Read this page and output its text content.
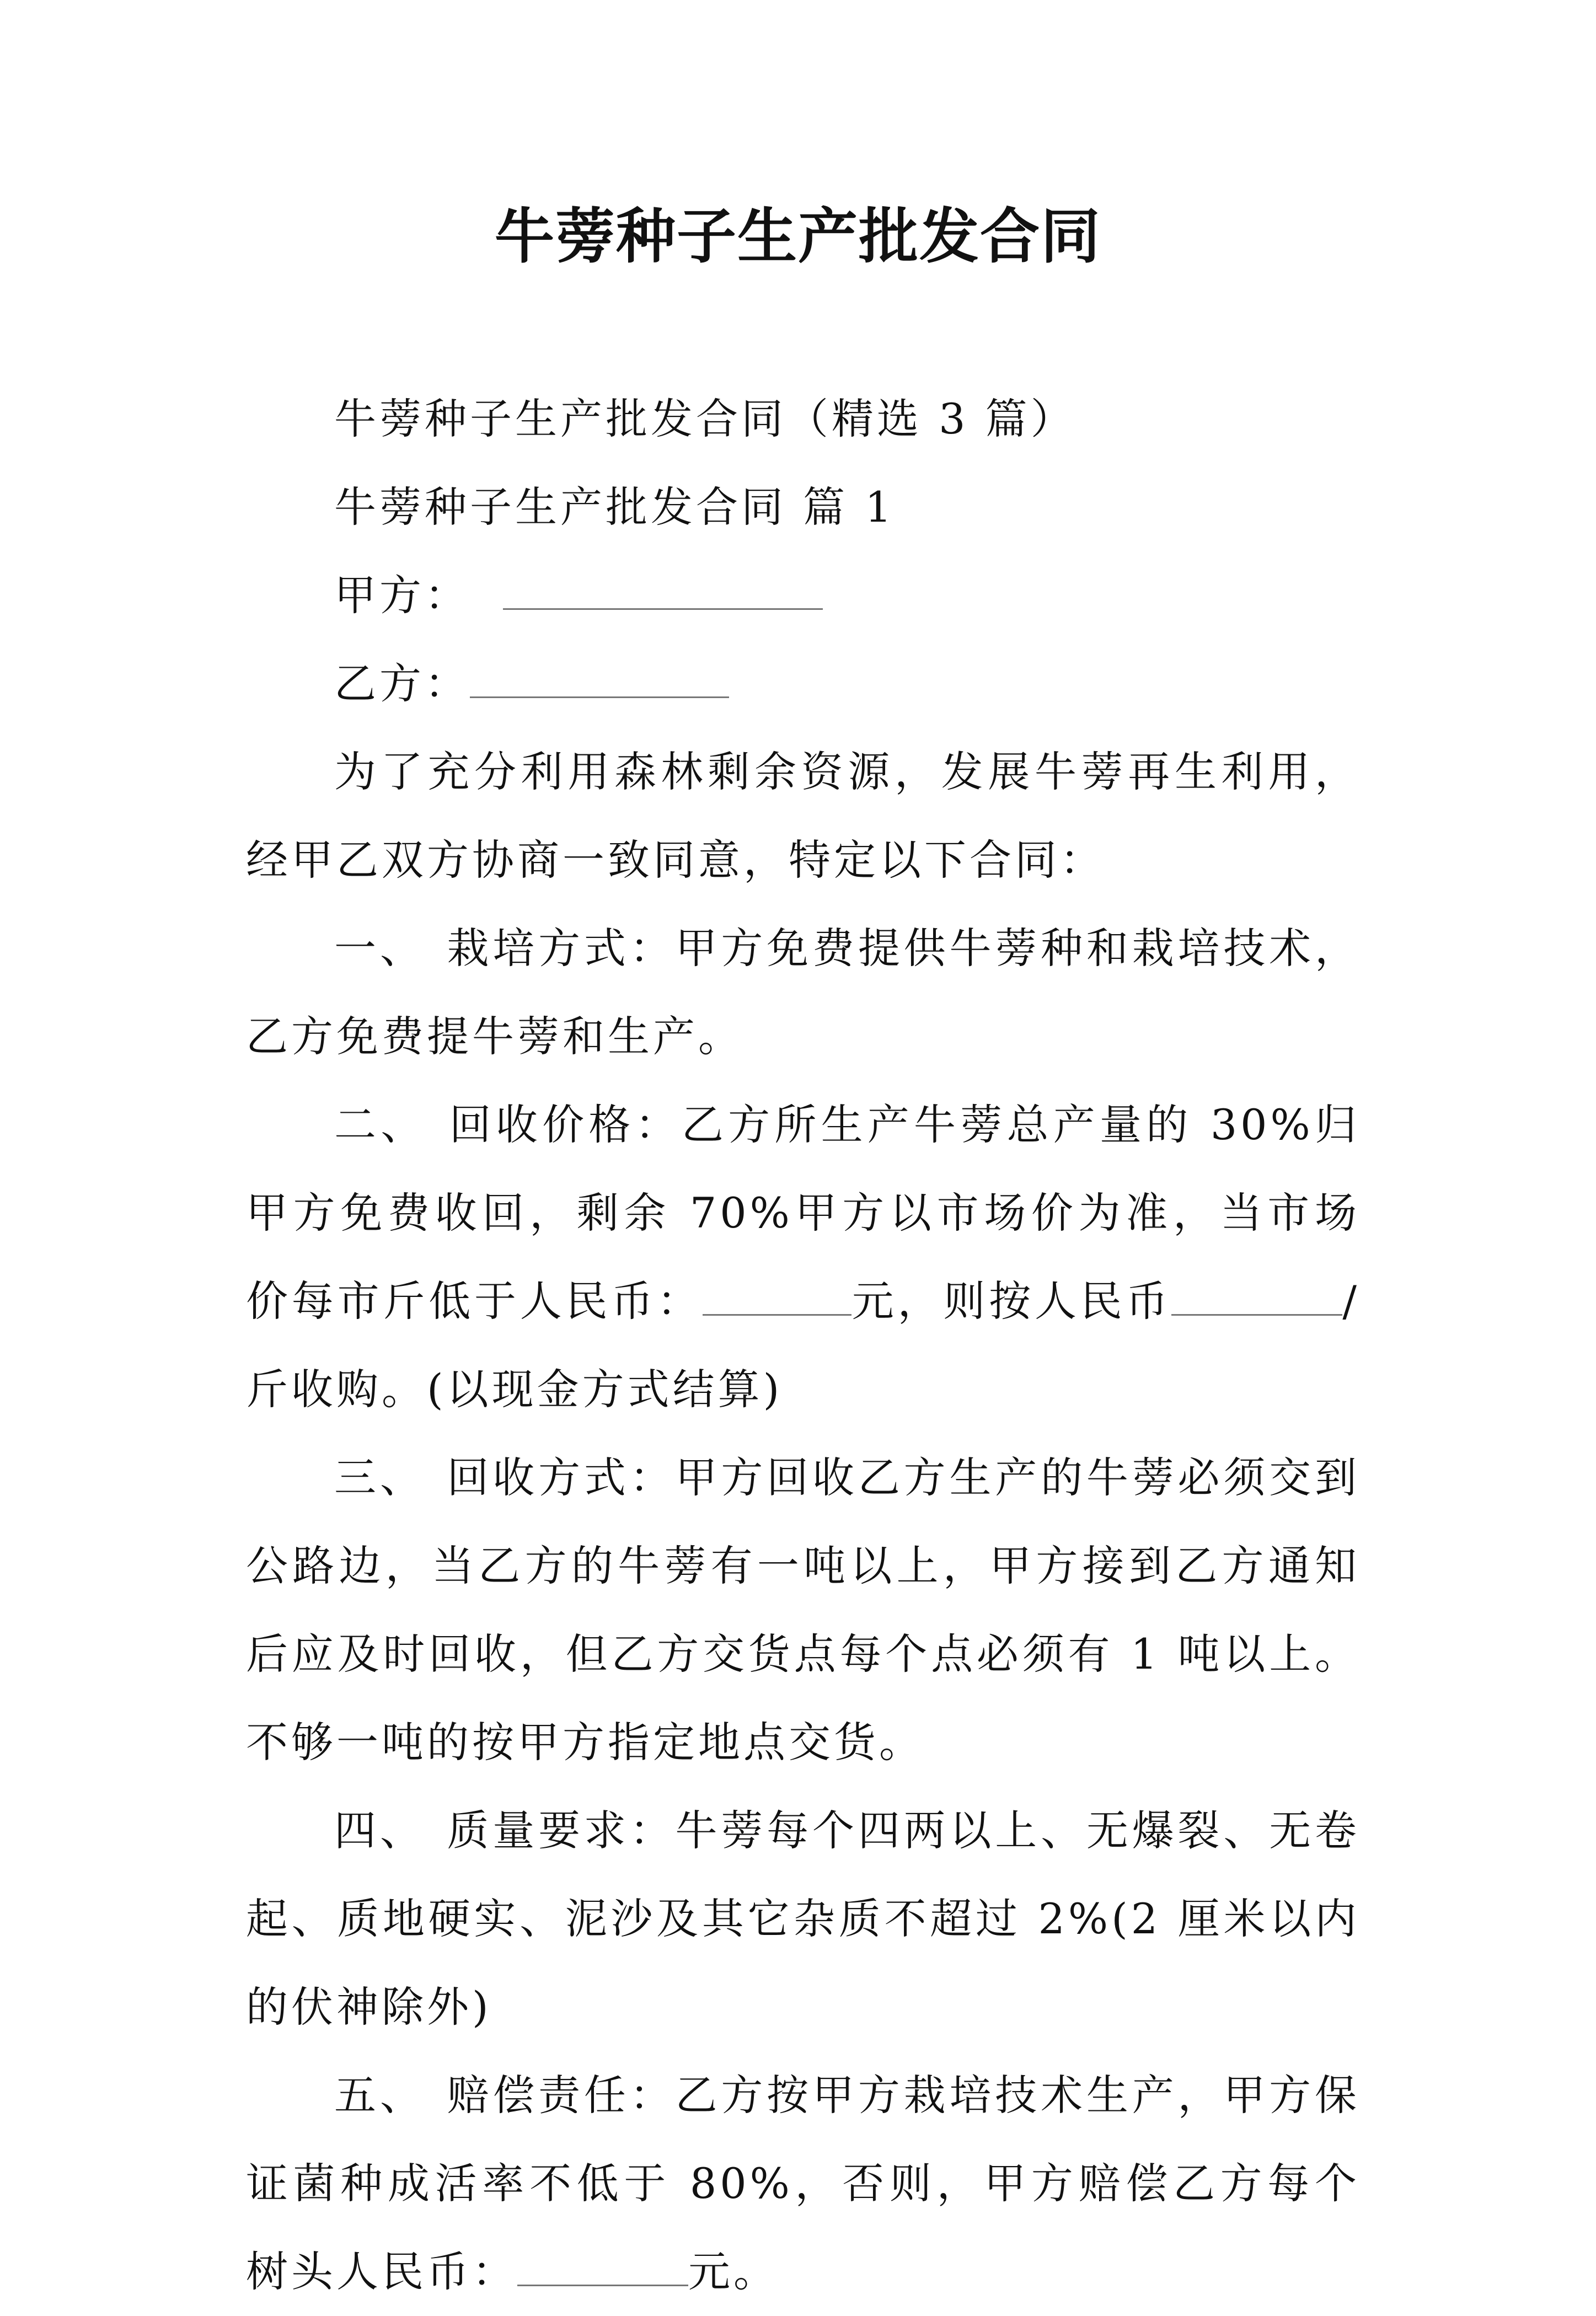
牛蒡种子生产批发合同

牛蒡种子生产批发合同（精选 3 篇）

牛蒡种子生产批发合同 篇 1

甲方：

乙方：

为了充分利用森林剩余资源，发展牛蒡再生利用，经甲乙双方协商一致同意，特定以下合同：

一、 栽培方式：甲方免费提供牛蒡种和栽培技术，乙方免费提牛蒡和生产。

二、 回收价格：乙方所生产牛蒡总产量的 30%归甲方免费收回，剩余 70%甲方以市场价为准，当市场价每市斤低于人民币：	元，则按人民币	/斤收购。(以现金方式结算)

三、 回收方式：甲方回收乙方生产的牛蒡必须交到公路边，当乙方的牛蒡有一吨以上，甲方接到乙方通知后应及时回收，但乙方交货点每个点必须有 1 吨以上。不够一吨的按甲方指定地点交货。

四、 质量要求：牛蒡每个四两以上、无爆裂、无卷起、质地硬实、泥沙及其它杂质不超过 2%(2 厘米以内的伏神除外)

五、 赔偿责任：乙方按甲方栽培技术生产，甲方保证菌种成活率不低于 80%，否则，甲方赔偿乙方每个树头人民币：	元。
